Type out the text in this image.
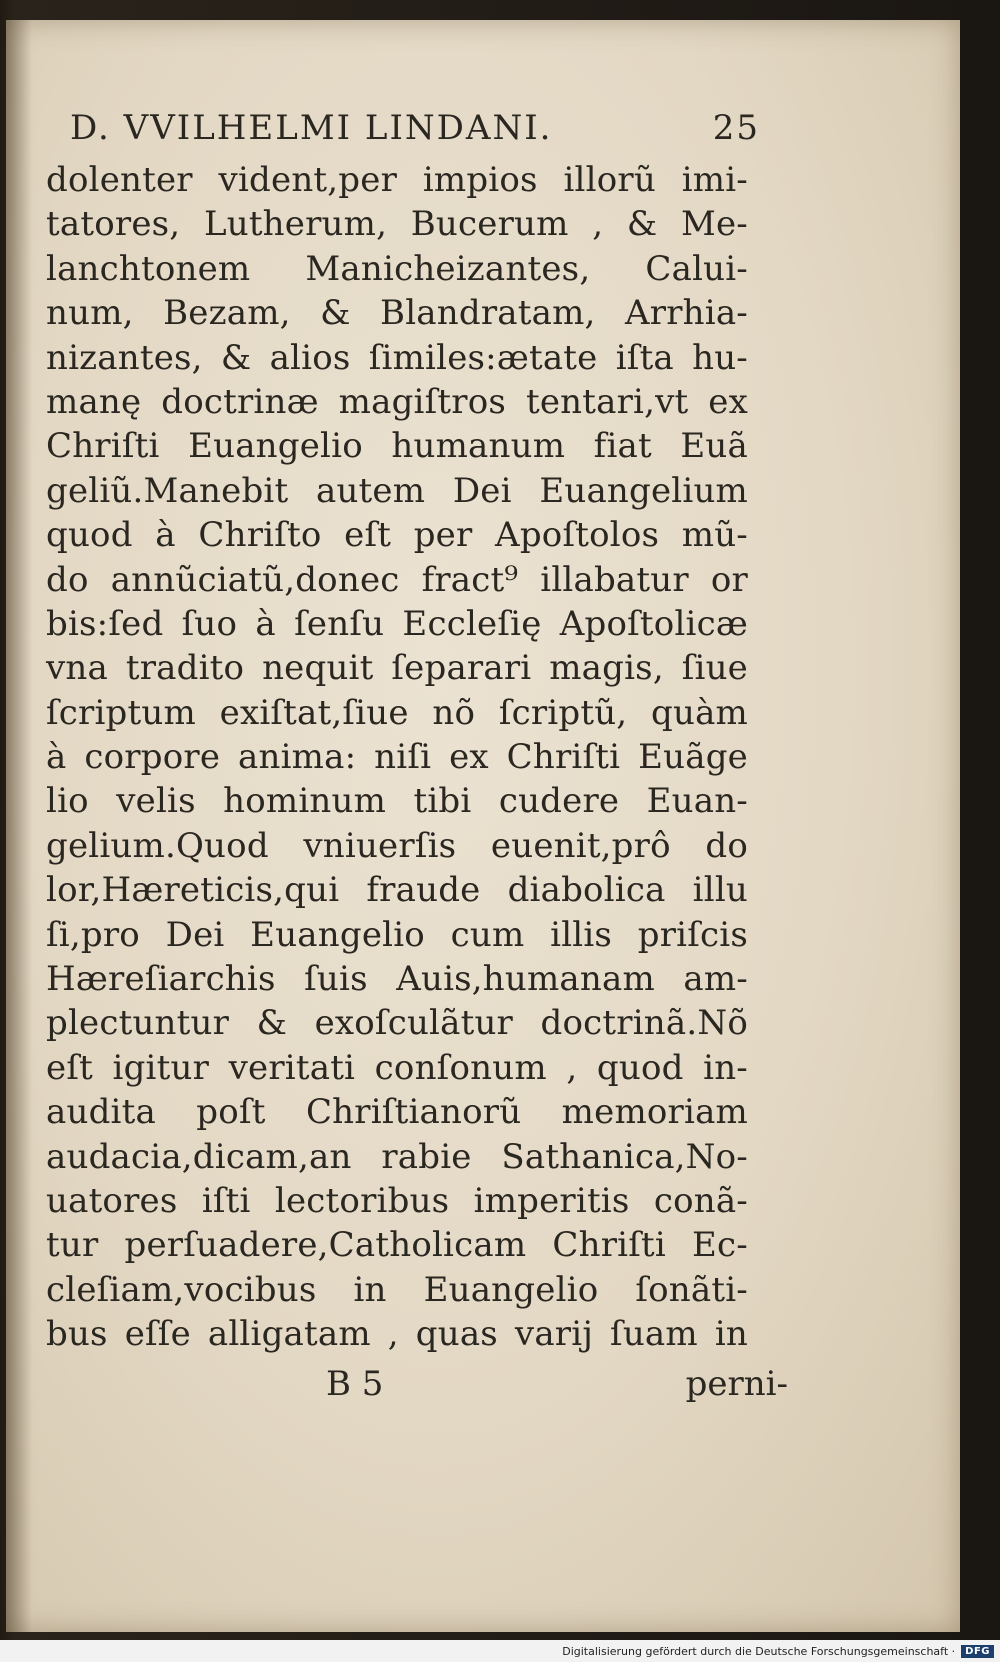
D. VVILHELMI LINDANI.	25
dolenter vident,per impios illorũ imi-
tatores, Lutherum, Bucerum , & Me-
lanchtonem Manicheizantes, Calui-
num, Bezam, & Blandratam, Arrhia-
nizantes, & alios ſimiles:ætate iſta hu-
manę doctrinæ magiſtros tentari,vt ex
Chriſti Euangelio humanum fiat Euã
geliũ.Manebit autem Dei Euangelium
quod à Chriſto eſt per Apoſtolos mũ-
do annũciatũ,donec fract⁹ illabatur or
bis:ſed ſuo à ſenſu Eccleſię Apoſtolicæ
vna tradito nequit ſeparari magis, ſiue
ſcriptum exiſtat,ſiue nõ ſcriptũ, quàm
à corpore anima: niſi ex Chriſti Euãge
lio velis hominum tibi cudere Euan-
gelium.Quod vniuerſis euenit,prô do
lor,Hæreticis,qui fraude diabolica illu
ſi,pro Dei Euangelio cum illis priſcis
Hæreſiarchis ſuis Auis,humanam am-
plectuntur & exoſculãtur doctrinã.Nõ
eſt igitur veritati conſonum , quod in-
audita poſt Chriſtianorũ memoriam
audacia,dicam,an rabie Sathanica,No-
uatores iſti lectoribus imperitis conã-
tur perſuadere,Catholicam Chriſti Ec-
cleſiam,vocibus in Euangelio ſonãti-
bus eſſe alligatam , quas varij ſuam in
B 5	perni-
Digitalisierung gefördert durch die Deutsche Forschungsgemeinschaft ·	DFG
